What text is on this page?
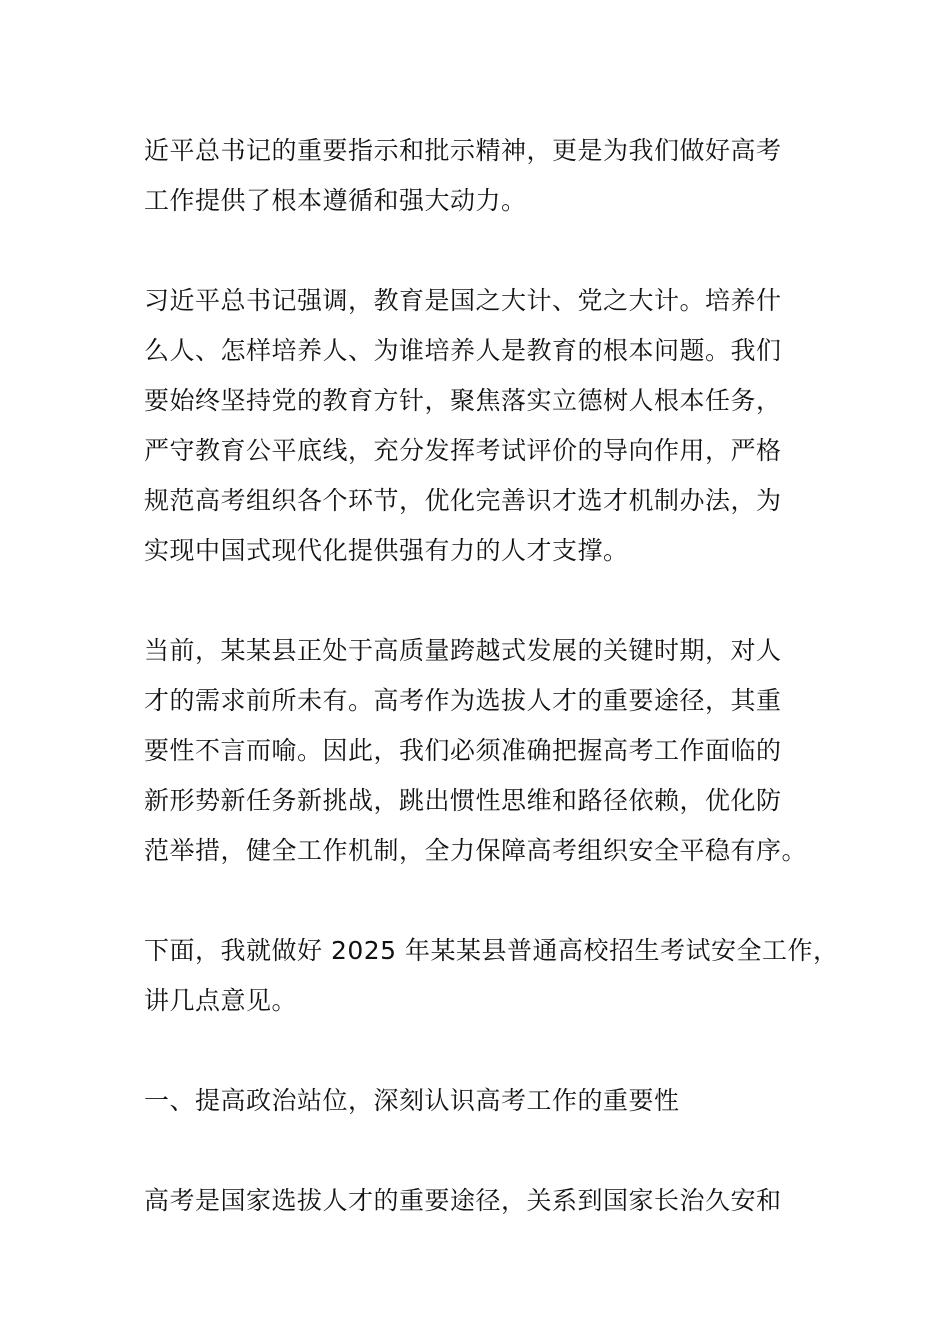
近平总书记的重要指示和批示精神，更是为我们做好高考
工作提供了根本遵循和强大动力。
习近平总书记强调，教育是国之大计、党之大计。培养什
么人、怎样培养人、为谁培养人是教育的根本问题。我们
要始终坚持党的教育方针，聚焦落实立德树人根本任务，
严守教育公平底线，充分发挥考试评价的导向作用，严格
规范高考组织各个环节，优化完善识才选才机制办法，为
实现中国式现代化提供强有力的人才支撑。
当前，某某县正处于高质量跨越式发展的关键时期，对人
才的需求前所未有。高考作为选拔人才的重要途径，其重
要性不言而喻。因此，我们必须准确把握高考工作面临的
新形势新任务新挑战，跳出惯性思维和路径依赖，优化防
范举措，健全工作机制，全力保障高考组织安全平稳有序。
下面，我就做好 2025 年某某县普通高校招生考试安全工作，
讲几点意见。
一、提高政治站位，深刻认识高考工作的重要性
高考是国家选拔人才的重要途径，关系到国家长治久安和
